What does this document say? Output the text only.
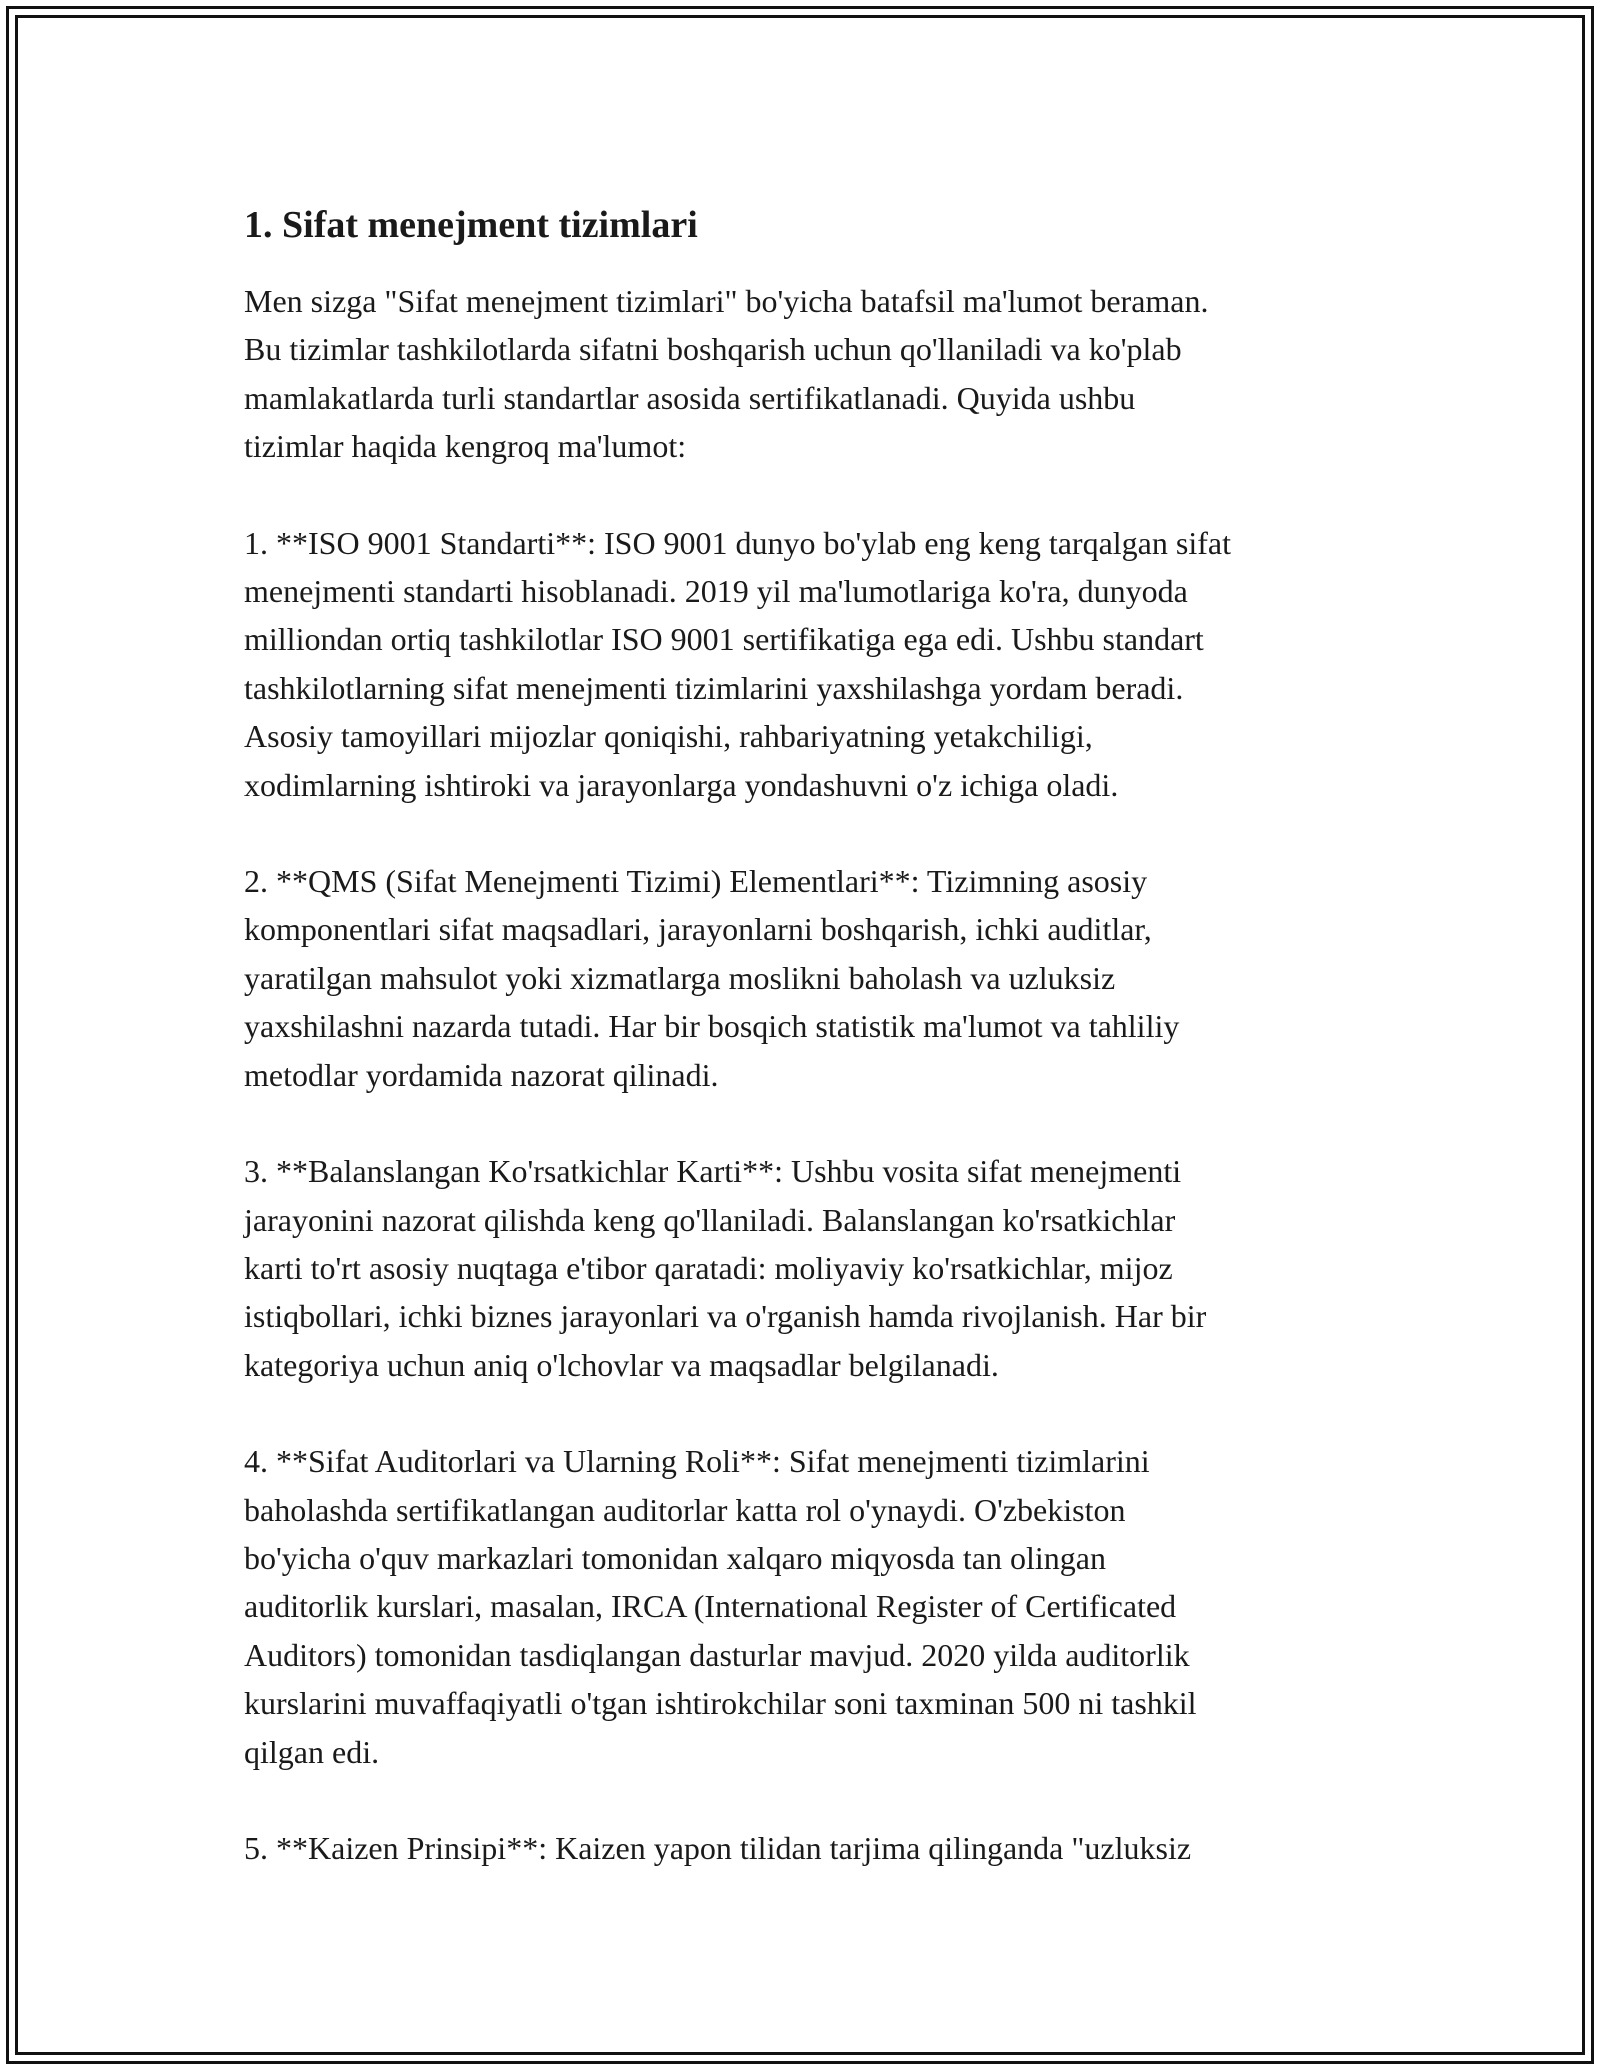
1. Sifat menejment tizimlari

Men sizga "Sifat menejment tizimlari" bo'yicha batafsil ma'lumot beraman.
Bu tizimlar tashkilotlarda sifatni boshqarish uchun qo'llaniladi va ko'plab
mamlakatlarda turli standartlar asosida sertifikatlanadi. Quyida ushbu
tizimlar haqida kengroq ma'lumot:

1. **ISO 9001 Standarti**: ISO 9001 dunyo bo'ylab eng keng tarqalgan sifat
menejmenti standarti hisoblanadi. 2019 yil ma'lumotlariga ko'ra, dunyoda
milliondan ortiq tashkilotlar ISO 9001 sertifikatiga ega edi. Ushbu standart
tashkilotlarning sifat menejmenti tizimlarini yaxshilashga yordam beradi.
Asosiy tamoyillari mijozlar qoniqishi, rahbariyatning yetakchiligi,
xodimlarning ishtiroki va jarayonlarga yondashuvni o'z ichiga oladi.

2. **QMS (Sifat Menejmenti Tizimi) Elementlari**: Tizimning asosiy
komponentlari sifat maqsadlari, jarayonlarni boshqarish, ichki auditlar,
yaratilgan mahsulot yoki xizmatlarga moslikni baholash va uzluksiz
yaxshilashni nazarda tutadi. Har bir bosqich statistik ma'lumot va tahliliy
metodlar yordamida nazorat qilinadi.

3. **Balanslangan Ko'rsatkichlar Karti**: Ushbu vosita sifat menejmenti
jarayonini nazorat qilishda keng qo'llaniladi. Balanslangan ko'rsatkichlar
karti to'rt asosiy nuqtaga e'tibor qaratadi: moliyaviy ko'rsatkichlar, mijoz
istiqbollari, ichki biznes jarayonlari va o'rganish hamda rivojlanish. Har bir
kategoriya uchun aniq o'lchovlar va maqsadlar belgilanadi.

4. **Sifat Auditorlari va Ularning Roli**: Sifat menejmenti tizimlarini
baholashda sertifikatlangan auditorlar katta rol o'ynaydi. O'zbekiston
bo'yicha o'quv markazlari tomonidan xalqaro miqyosda tan olingan
auditorlik kurslari, masalan, IRCA (International Register of Certificated
Auditors) tomonidan tasdiqlangan dasturlar mavjud. 2020 yilda auditorlik
kurslarini muvaffaqiyatli o'tgan ishtirokchilar soni taxminan 500 ni tashkil
qilgan edi.

5. **Kaizen Prinsipi**: Kaizen yapon tilidan tarjima qilinganda "uzluksiz
